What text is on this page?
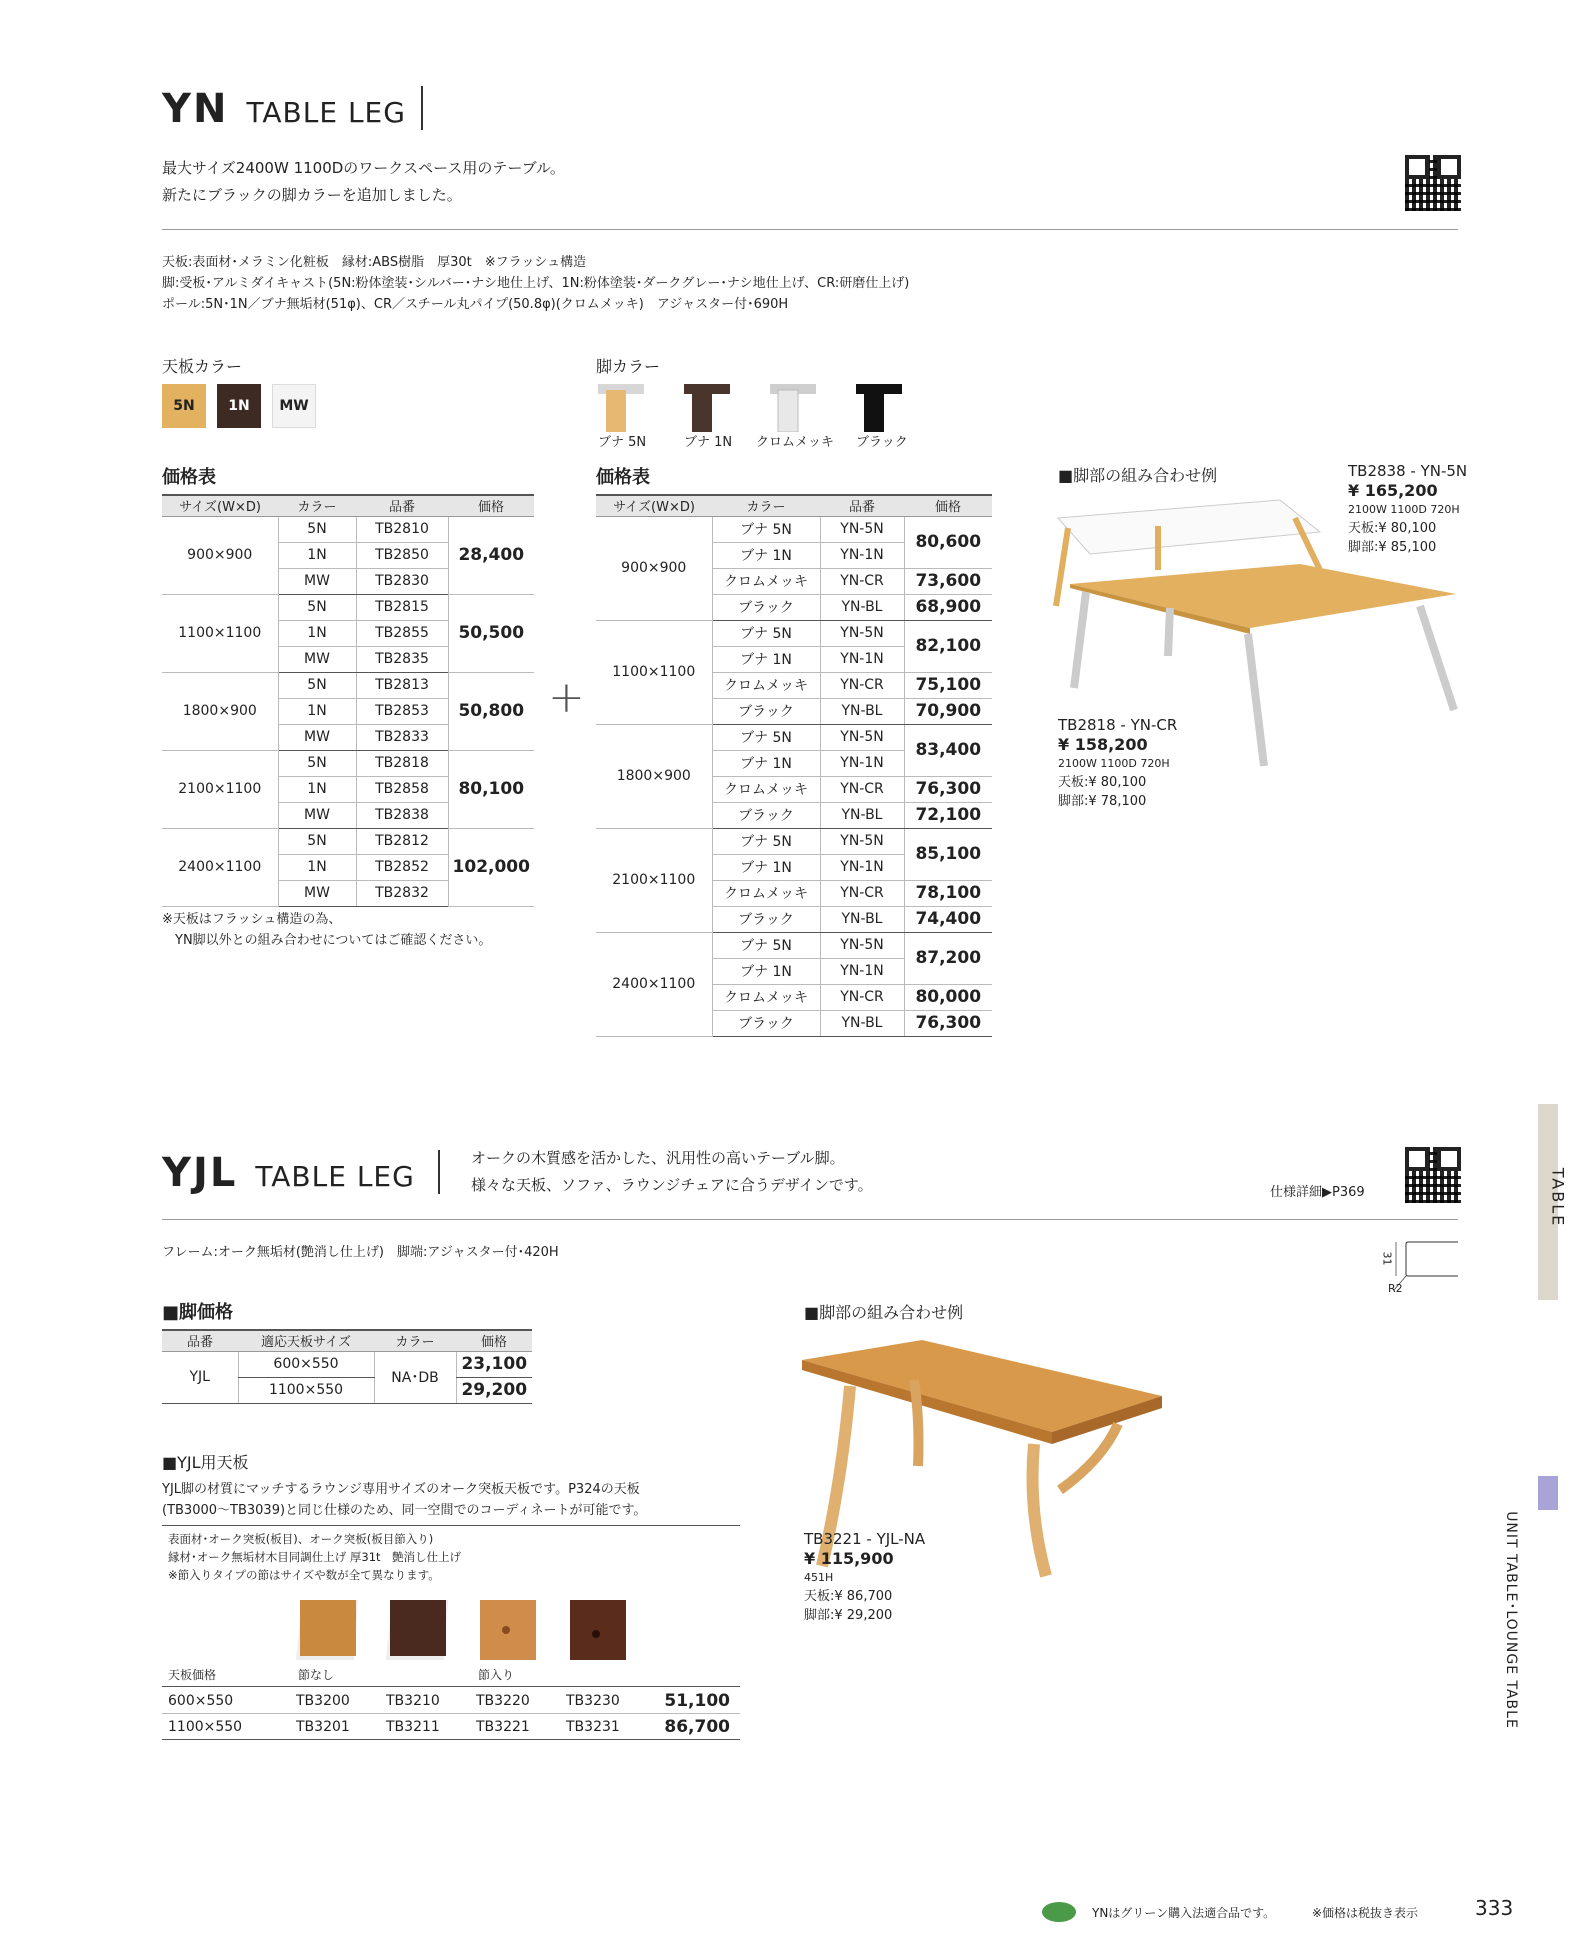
YN TABLE LEG
最大サイズ2400W 1100Dのワークスペース用のテーブル。
新たにブラックの脚カラーを追加しました。
天板:表面材･メラミン化粧板　縁材:ABS樹脂　厚30t　※フラッシュ構造
脚:受板･アルミダイキャスト(5N:粉体塗装･シルバー･ナシ地仕上げ、1N:粉体塗装･ダークグレー･ナシ地仕上げ、CR:研磨仕上げ)
ポール:5N･1N／ブナ無垢材(51φ)、CR／スチール丸パイプ(50.8φ)(クロムメッキ)　アジャスター付･690H
天板カラー
5N 1N MW
脚カラー
ブナ 5N	ブナ 1N クロムメッキ ブラック
価格表
サイズ(W×D)	カラー	品番	価格
900×900	5N	TB2810	28,400
	1N	TB2850	
	MW	TB2830	
1100×1100	5N	TB2815	50,500
	1N	TB2855	
	MW	TB2835	
1800×900	5N	TB2813	50,800
	1N	TB2853	
	MW	TB2833	
2100×1100	5N	TB2818	80,100
	1N	TB2858	
	MW	TB2838	
2400×1100	5N	TB2812	102,000
	1N	TB2852	
	MW	TB2832	
※天板はフラッシュ構造の為、
　YN脚以外との組み合わせについてはご確認ください。
+
価格表
サイズ(W×D)	カラー	品番	価格
900×900	ブナ 5N	YN-5N	80,600
	ブナ 1N	YN-1N	
	クロムメッキ	YN-CR	73,600
	ブラック	YN-BL	68,900
1100×1100	ブナ 5N	YN-5N	82,100
	ブナ 1N	YN-1N	
	クロムメッキ	YN-CR	75,100
	ブラック	YN-BL	70,900
1800×900	ブナ 5N	YN-5N	83,400
	ブナ 1N	YN-1N	
	クロムメッキ	YN-CR	76,300
	ブラック	YN-BL	72,100
2100×1100	ブナ 5N	YN-5N	85,100
	ブナ 1N	YN-1N	
	クロムメッキ	YN-CR	78,100
	ブラック	YN-BL	74,400
2400×1100	ブナ 5N	YN-5N	87,200
	ブナ 1N	YN-1N	
	クロムメッキ	YN-CR	80,000
	ブラック	YN-BL	76,300
■脚部の組み合わせ例	TB2838 - YN-5N
¥ 165,200
2100W 1100D 720H
天板:¥ 80,100
脚部:¥ 85,100
TB2818 - YN-CR
¥ 158,200
2100W 1100D 720H
天板:¥ 80,100
脚部:¥ 78,100
YJL TABLE LEG
オークの木質感を活かした、汎用性の高いテーブル脚。
様々な天板、ソファ、ラウンジチェアに合うデザインです。	仕様詳細▶P369
フレーム:オーク無垢材(艶消し仕上げ)　脚端:アジャスター付･420H	31
R2
■脚価格
品番	適応天板サイズ	カラー	価格
YJL	600×550	NA･DB	23,100
	1100×550		29,200
■YJL用天板
YJL脚の材質にマッチするラウンジ専用サイズのオーク突板天板です。P324の天板
(TB3000〜TB3039)と同じ仕様のため、同一空間でのコーディネートが可能です。
表面材･オーク突板(板目)、オーク突板(板目節入り)
縁材･オーク無垢材木目同調仕上げ 厚31t　艶消し仕上げ
※節入りタイプの節はサイズや数が全て異なります。
天板価格	節なし	節入り
600×550	TB3200	TB3210	TB3220	TB3230	51,100
1100×550	TB3201	TB3211	TB3221	TB3231	86,700
■脚部の組み合わせ例
TB3221 - YJL-NA
¥ 115,900
451H
天板:¥ 86,700
脚部:¥ 29,200
TABLE
UNIT TABLE･LOUNGE TABLE
YNはグリーン購入法適合品です。	※価格は税抜き表示	333
